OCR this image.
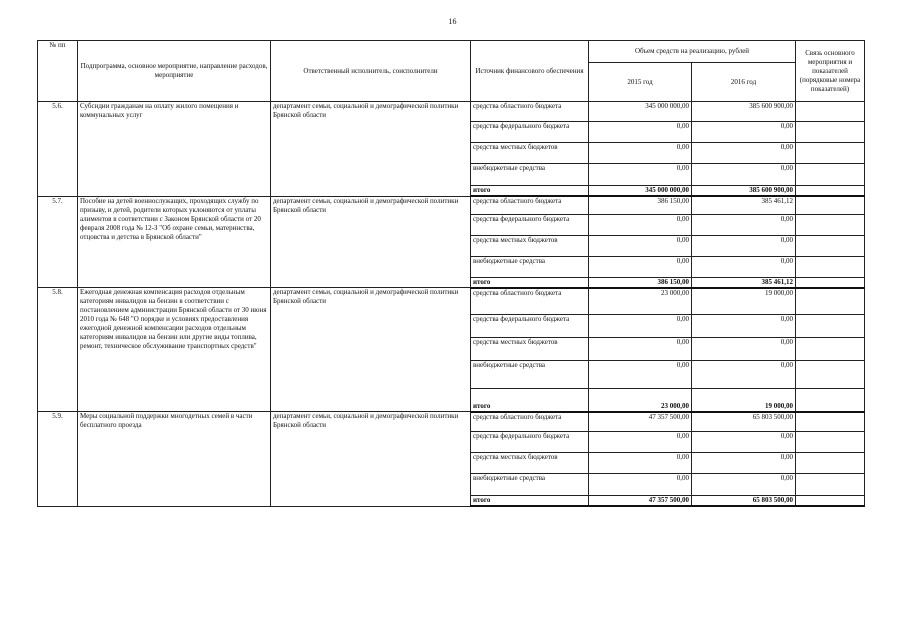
16
№ пп	Подпрограмма, основное мероприятие, направление расходов, мероприятие	Ответственный исполнитель, соисполнители	Источник финансового обеспечения	Объем средств на реализацию, рублей		Связь основного мероприятия и показателей (порядковые номера показателей)
				2015 год	2016 год	
5.6.	Субсидии гражданам на оплату жилого помещения и коммунальных услуг	департамент семьи, социальной и демографической политики Брянской области	средства областного бюджета	345 000 000,00	385 600 900,00	
			средства федерального бюджета	0,00	0,00	
			средства местных бюджетов	0,00	0,00	
			внебюджетные средства	0,00	0,00	
			итого	345 000 000,00	385 600 900,00	
5.7.	Пособие на детей военнослужащих, проходящих службу по призыву, и детей, родители которых уклоняются от уплаты алиментов в соответствии с Законом Брянской области от 20 февраля 2008 года № 12-З "Об охране семьи, материнства, отцовства и детства в Брянской области"	департамент семьи, социальной и демографической политики Брянской области	средства областного бюджета	386 150,00	385 461,12	
			средства федерального бюджета	0,00	0,00	
			средства местных бюджетов	0,00	0,00	
			внебюджетные средства	0,00	0,00	
			итого	386 150,00	385 461,12	
5.8.	Ежегодная денежная компенсация расходов отдельным категориям инвалидов на бензин в соответствии с постановлением администрации Брянской области от 30 июня 2010 года № 648 "О порядке и условиях предоставления ежегодной денежной компенсации расходов отдельным категориям инвалидов на бензин или другие виды топлива, ремонт, техническое обслуживание транспортных средств"	департамент семьи, социальной и демографической политики Брянской области	средства областного бюджета	23 000,00	19 000,00	
			средства федерального бюджета	0,00	0,00	
			средства местных бюджетов	0,00	0,00	
			внебюджетные средства	0,00	0,00	
			итого	23 000,00	19 000,00	
5.9.	Меры социальной поддержки многодетных семей в части бесплатного проезда	департамент семьи, социальной и демографической политики Брянской области	средства областного бюджета	47 357 500,00	65 803 500,00	
			средства федерального бюджета	0,00	0,00	
			средства местных бюджетов	0,00	0,00	
			внебюджетные средства	0,00	0,00	
			итого	47 357 500,00	65 803 500,00	
